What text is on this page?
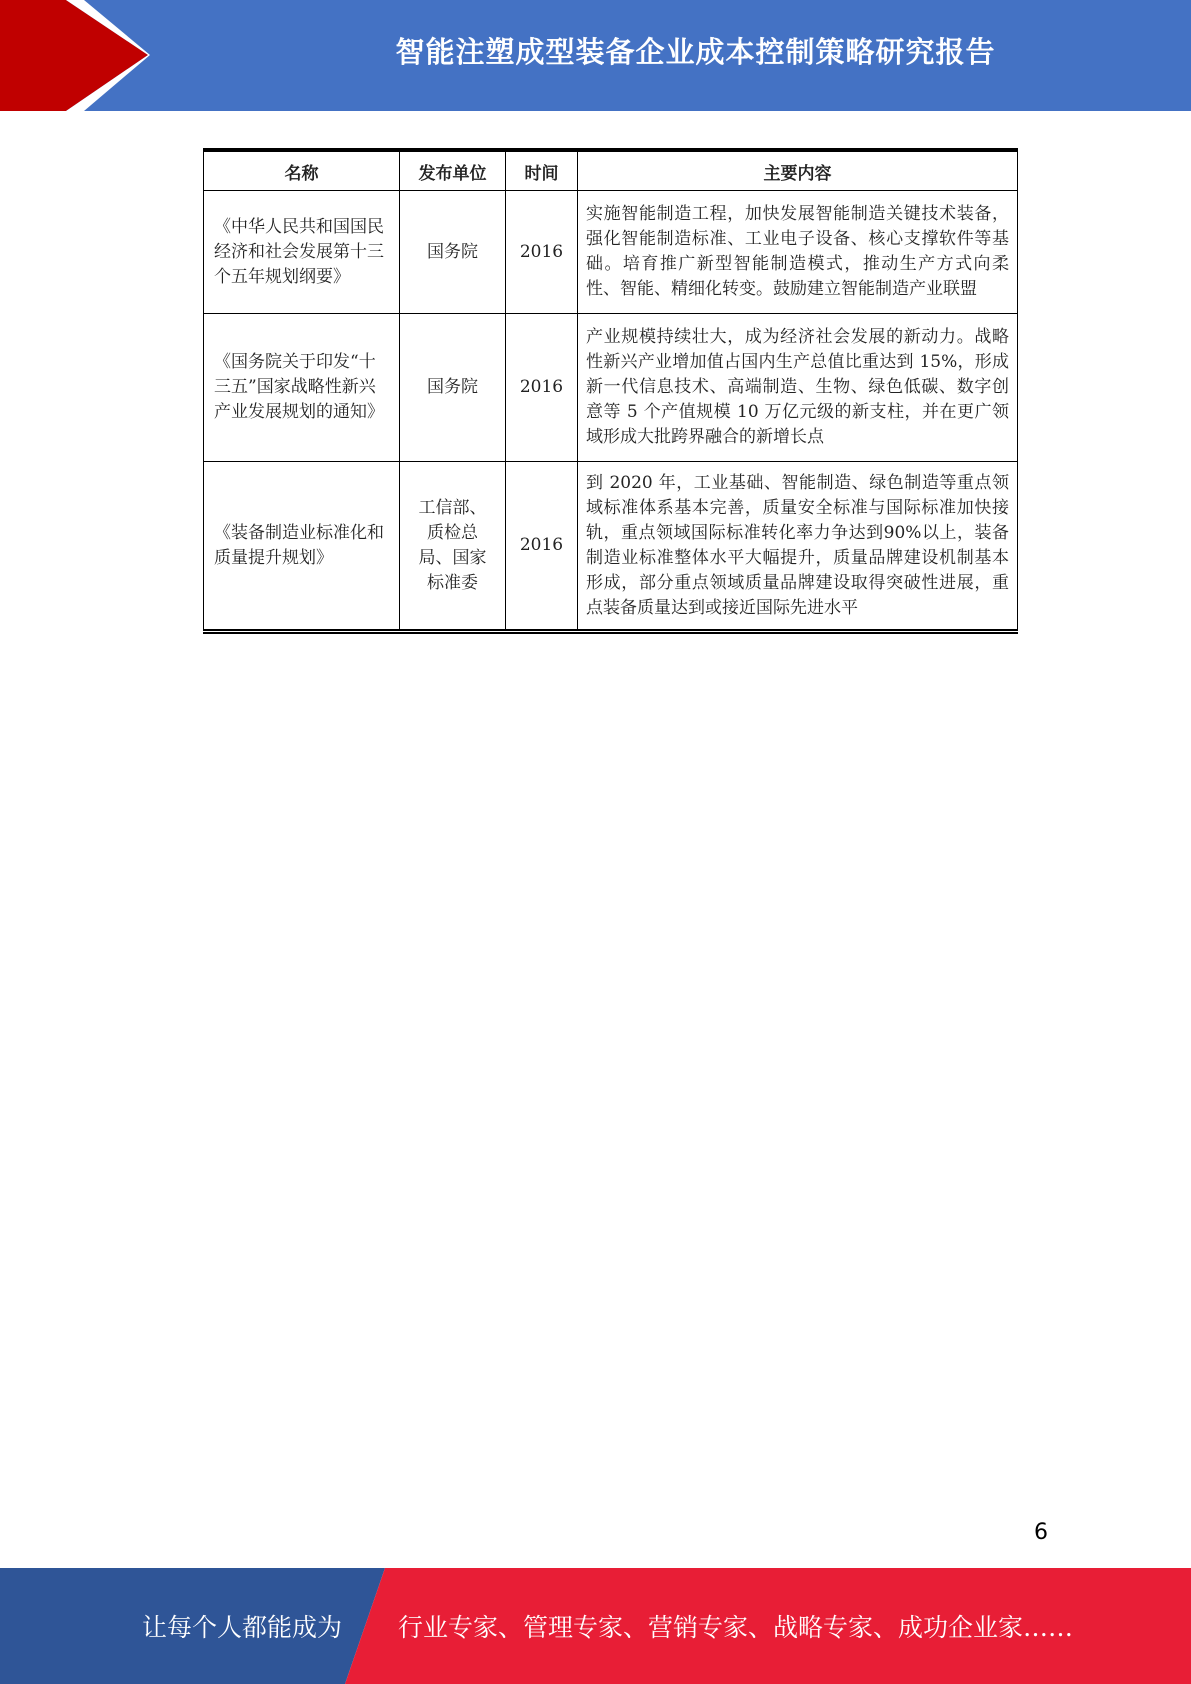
智能注塑成型装备企业成本控制策略研究报告
名称	发布单位	时间	主要内容
《中华人民共和国国民经济和社会发展第十三个五年规划纲要》	国务院	2016	实施智能制造工程，加快发展智能制造关键技术装备，强化智能制造标准、工业电子设备、核心支撑软件等基础。培育推广新型智能制造模式，推动生产方式向柔性、智能、精细化转变。鼓励建立智能制造产业联盟
《国务院关于印发“十三五”国家战略性新兴产业发展规划的通知》	国务院	2016	产业规模持续壮大，成为经济社会发展的新动力。战略性新兴产业增加值占国内生产总值比重达到 15%，形成新一代信息技术、高端制造、生物、绿色低碳、数字创意等 5 个产值规模 10 万亿元级的新支柱，并在更广领域形成大批跨界融合的新增长点
《装备制造业标准化和质量提升规划》	工信部、质检总局、国家标准委	2016	到 2020 年，工业基础、智能制造、绿色制造等重点领域标准体系基本完善，质量安全标准与国际标准加快接轨，重点领域国际标准转化率力争达到90%以上，装备制造业标准整体水平大幅提升，质量品牌建设机制基本形成，部分重点领域质量品牌建设取得突破性进展，重点装备质量达到或接近国际先进水平
6
让每个人都能成为 行业专家、管理专家、营销专家、战略专家、成功企业家……
